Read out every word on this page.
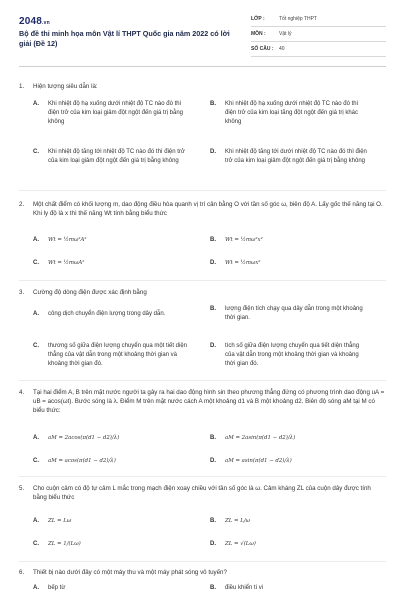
2048.vn
Bộ đề thi minh họa môn Vật lí THPT Quốc gia năm 2022 có lời giải (Đề 12)
LỚP :	Tốt nghiệp THPT
MÔN :	Vật lý
SỐ CÂU :	40
1.	Hiện tượng siêu dẫn là:
A.	Khi nhiệt độ hạ xuống dưới nhiệt độ TC nào đó thì điện trở của kim loại giảm đột ngột đến giá trị bằng không
B.	Khi nhiệt độ hạ xuống dưới nhiệt độ TC nào đó thì điện trở của kim loại tăng đột ngột đến giá trị khác không
C.	Khi nhiệt độ tăng tới nhiệt độ TC nào đó thì điện trở của kim loại giảm đột ngột đến giá trị bằng không
D.	Khi nhiệt độ tăng tới dưới nhiệt độ TC nào đó thì điện trở của kim loại giảm đột ngột đến giá trị bằng không
2.	Một chất điểm có khối lượng m, dao động điều hòa quanh vị trí cân bằng O với tần số góc ω, biên độ A. Lấy gốc thế năng tại O. Khi ly độ là x thì thế năng Wt tính bằng biểu thức
A.	Wt = ½mω²A²	B.	Wt = ½mω²x²
C.	Wt = ½mωA²	D.	Wt = ½mωx²
3.	Cường độ dòng điện được xác định bằng
A.	công dịch chuyển điện lượng trong dây dẫn.
B.	lượng điện tích chạy qua dây dẫn trong một khoảng thời gian.
C.	thương số giữa điện lượng chuyển qua một tiết diện thẳng của vật dẫn trong một khoảng thời gian và khoảng thời gian đó.
D.	tích số giữa điện lượng chuyển qua tiết diện thẳng của vật dẫn trong một khoảng thời gian và khoảng thời gian đó.
4.	Tại hai điểm A, B trên mặt nước người ta gây ra hai dao động hình sin theo phương thẳng đứng có phương trình dao động uA = uB = acos(ωt). Bước sóng là λ. Điểm M trên mặt nước cách A một khoảng d1 và B một khoảng d2. Biên độ sóng aM tại M có biểu thức:
A.	aM = 2acos(π(d1 − d2)/λ)	B.	aM = 2asin(π(d1 − d2)/λ)
C.	aM = acos(π(d1 − d2)/λ)	D.	aM = asin(π(d1 − d2)/λ)
5.	Cho cuộn cảm có độ tự cảm L mắc trong mạch điện xoay chiều với tần số góc là ω. Cảm kháng ZL của cuộn dây được tính bằng biểu thức
A.	ZL = Lω	B.	ZL = L/ω
C.	ZL = 1/(Lω)	D.	ZL = √(Lω)
6.	Thiết bị nào dưới đây có một máy thu và một máy phát sóng vô tuyến?
A.	bếp từ	B.	điều khiển ti vi
